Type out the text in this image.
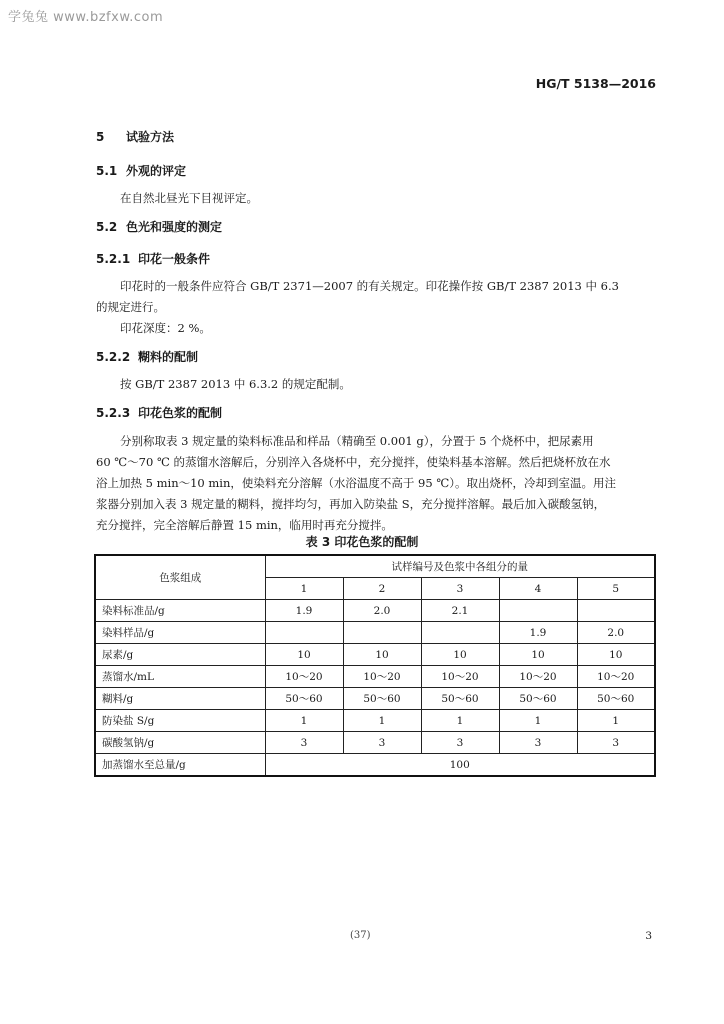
学兔兔 www.bzfxw.com
HG/T 5138—2016
5 试验方法
5.1 外观的评定
在自然北昼光下目视评定。
5.2 色光和强度的测定
5.2.1 印花一般条件
印花时的一般条件应符合 GB/T 2371—2007 的有关规定。印花操作按 GB/T 2387 2013 中 6.3
的规定进行。
印花深度：2 %。
5.2.2 糊料的配制
按 GB/T 2387 2013 中 6.3.2 的规定配制。
5.2.3 印花色浆的配制
分别称取表 3 规定量的染料标准品和样品（精确至 0.001 g），分置于 5 个烧杯中，把尿素用
60 ℃～70 ℃ 的蒸馏水溶解后，分别淬入各烧杯中，充分搅拌，使染料基本溶解。然后把烧杯放在水
浴上加热 5 min～10 min，使染料充分溶解（水浴温度不高于 95 ℃）。取出烧杯，冷却到室温。用注
浆器分别加入表 3 规定量的糊料，搅拌均匀，再加入防染盐 S，充分搅拌溶解。最后加入碳酸氢钠，
充分搅拌，完全溶解后静置 15 min，临用时再充分搅拌。
表 3 印花色浆的配制
色浆组成	试样编号及色浆中各组分的量				
	1	2	3	4	5
染料标准品/g	1.9	2.0	2.1		
染料样品/g				1.9	2.0
尿素/g	10	10	10	10	10
蒸馏水/mL	10～20	10～20	10～20	10～20	10～20
糊料/g	50～60	50～60	50～60	50～60	50～60
防染盐 S/g	1	1	1	1	1
碳酸氢钠/g	3	3	3	3	3
加蒸馏水至总量/g	100				
(37)	3
